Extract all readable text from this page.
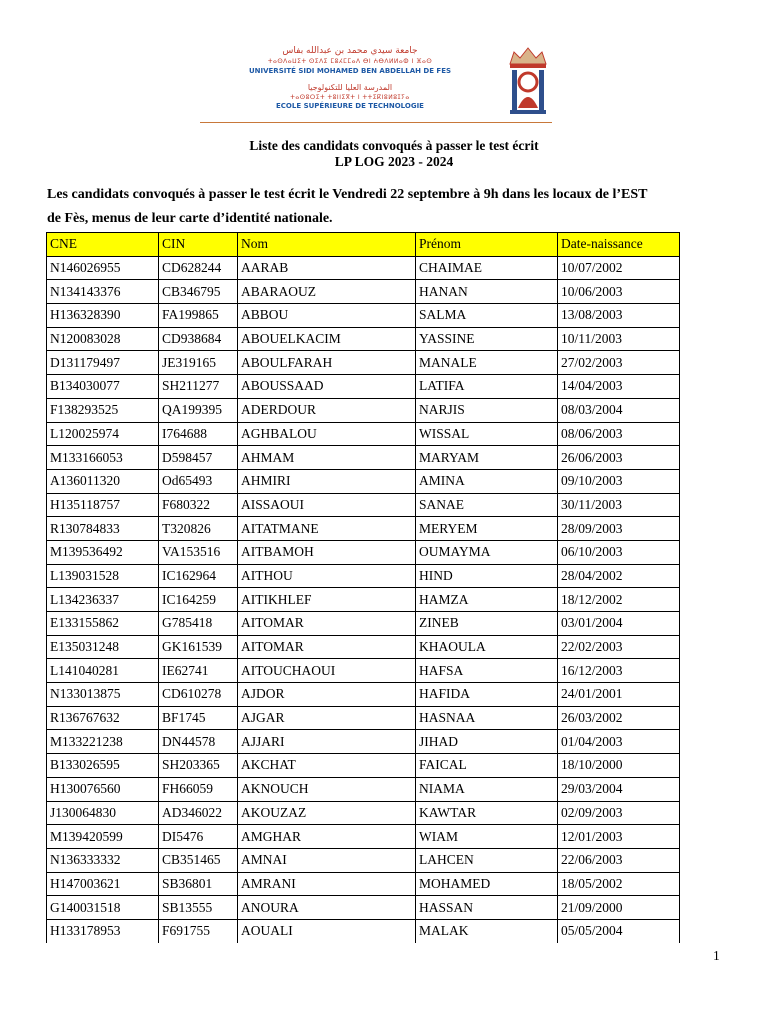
جامعة سيدي محمد بن عبدالله بفاس
ⵜⴰⵙⴷⴰⵡⵉⵜ ⵙⵉⴷⵉ ⵎⵓⵃⵎⵎⴰⴷ ⴱⵏ ⵄⴱⴷⵍⵍⴰⵀ ⵏ ⴼⴰⵙ
UNIVERSITÉ SIDI MOHAMED BEN ABDELLAH DE FES
المدرسة العليا للتكنولوجيا
ⵜⴰⵙⵓⵔⵉⵜ ⵜⵓⵏⵏⵉⴳⵜ ⵏ ⵜⵜⵉⴽⵏⵓⵍⵓⵊⵢⴰ
ECOLE SUPÉRIEURE DE TECHNOLOGIE
Liste des candidats convoqués à passer le test écrit
LP LOG 2023 - 2024
Les candidats convoqués à passer le test écrit le Vendredi 22 septembre à 9h dans les locaux de l’EST
de Fès, menus de leur carte d’identité nationale.
CNE	CIN	Nom	Prénom	Date-naissance
N146026955	CD628244	AARAB	CHAIMAE	10/07/2002
N134143376	CB346795	ABARAOUZ	HANAN	10/06/2003
H136328390	FA199865	ABBOU	SALMA	13/08/2003
N120083028	CD938684	ABOUELKACIM	YASSINE	10/11/2003
D131179497	JE319165	ABOULFARAH	MANALE	27/02/2003
B134030077	SH211277	ABOUSSAAD	LATIFA	14/04/2003
F138293525	QA199395	ADERDOUR	NARJIS	08/03/2004
L120025974	I764688	AGHBALOU	WISSAL	08/06/2003
M133166053	D598457	AHMAM	MARYAM	26/06/2003
A136011320	Od65493	AHMIRI	AMINA	09/10/2003
H135118757	F680322	AISSAOUI	SANAE	30/11/2003
R130784833	T320826	AITATMANE	MERYEM	28/09/2003
M139536492	VA153516	AITBAMOH	OUMAYMA	06/10/2003
L139031528	IC162964	AITHOU	HIND	28/04/2002
L134236337	IC164259	AITIKHLEF	HAMZA	18/12/2002
E133155862	G785418	AITOMAR	ZINEB	03/01/2004
E135031248	GK161539	AITOMAR	KHAOULA	22/02/2003
L141040281	IE62741	AITOUCHAOUI	HAFSA	16/12/2003
N133013875	CD610278	AJDOR	HAFIDA	24/01/2001
R136767632	BF1745	AJGAR	HASNAA	26/03/2002
M133221238	DN44578	AJJARI	JIHAD	01/04/2003
B133026595	SH203365	AKCHAT	FAICAL	18/10/2000
H130076560	FH66059	AKNOUCH	NIAMA	29/03/2004
J130064830	AD346022	AKOUZAZ	KAWTAR	02/09/2003
M139420599	DI5476	AMGHAR	WIAM	12/01/2003
N136333332	CB351465	AMNAI	LAHCEN	22/06/2003
H147003621	SB36801	AMRANI	MOHAMED	18/05/2002
G140031518	SB13555	ANOURA	HASSAN	21/09/2000
H133178953	F691755	AOUALI	MALAK	05/05/2004
1
